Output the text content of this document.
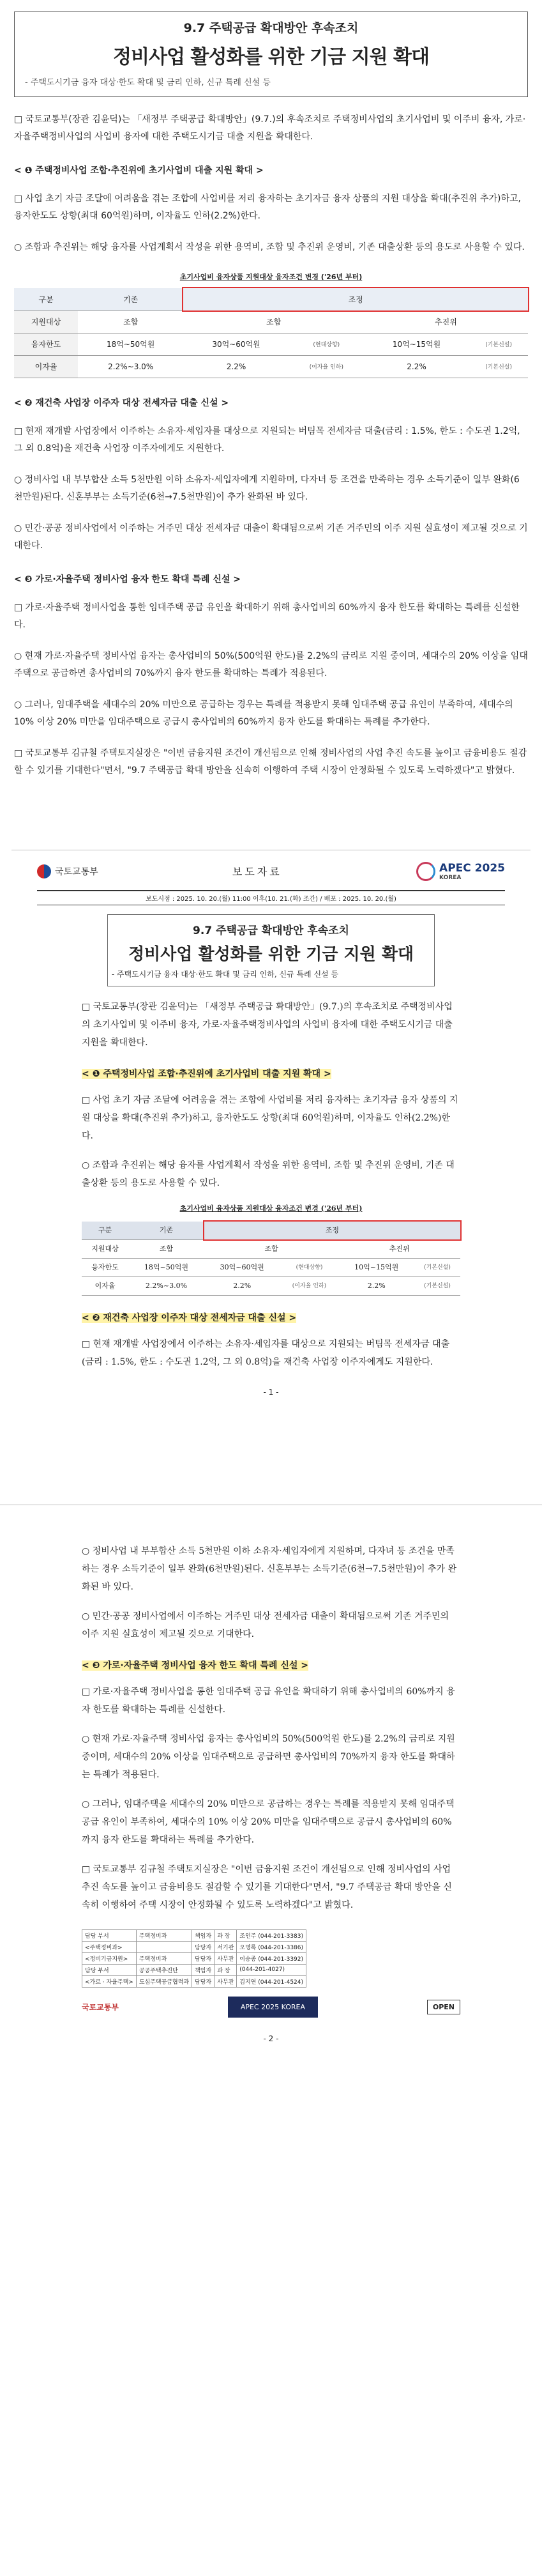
9.7 주택공급 확대방안 후속조치
정비사업 활성화를 위한 기금 지원 확대
- 주택도시기금 융자 대상·한도 확대 및 금리 인하, 신규 특례 신설 등

□ 국토교통부(장관 김윤덕)는 「새정부 주택공급 확대방안」(9.7.)의 후속조치로 주택정비사업의 초기사업비 및 이주비 융자, 가로·자율주택정비사업의 사업비 융자에 대한 주택도시기금 대출 지원을 확대한다.

< ❶ 주택정비사업 조합·추진위에 초기사업비 대출 지원 확대 >

□ 사업 초기 자금 조달에 어려움을 겪는 조합에 사업비를 저리 융자하는 초기자금 융자 상품의 지원 대상을 확대(추진위 추가)하고, 융자한도도 상향(최대 60억원)하며, 이자율도 인하(2.2%)한다.

○ 조합과 추진위는 해당 융자를 사업계획서 작성을 위한 용역비, 조합 및 추진위 운영비, 기존 대출상환 등의 용도로 사용할 수 있다.

초기사업비 융자상품 지원대상 융자조건 변경 ('26년 부터)

구분	기존	조정			
지원대상	조합	조합		추진위	
융자한도	18억~50억원	30억~60억원	(현대상향)	10억~15억원	(기본신설)
이자율	2.2%~3.0%	2.2%	(이자율 인하)	2.2%	(기본신설)

< ❷ 재건축 사업장 이주자 대상 전세자금 대출 신설 >

□ 현재 재개발 사업장에서 이주하는 소유자·세입자를 대상으로 지원되는 버팀목 전세자금 대출(금리 : 1.5%, 한도 : 수도권 1.2억, 그 외 0.8억)을 재건축 사업장 이주자에게도 지원한다.

○ 정비사업 내 부부합산 소득 5천만원 이하 소유자·세입자에게 지원하며, 다자녀 등 조건을 만족하는 경우 소득기준이 일부 완화(6천만원)된다. 신혼부부는 소득기준(6천→7.5천만원)이 추가 완화된 바 있다.

○ 민간·공공 정비사업에서 이주하는 거주민 대상 전세자금 대출이 확대됨으로써 기존 거주민의 이주 지원 실효성이 제고될 것으로 기대한다.

< ❸ 가로·자율주택 정비사업 융자 한도 확대 특례 신설 >

□ 가로·자율주택 정비사업을 통한 임대주택 공급 유인을 확대하기 위해 총사업비의 60%까지 융자 한도를 확대하는 특례를 신설한다.

○ 현재 가로·자율주택 정비사업 융자는 총사업비의 50%(500억원 한도)를 2.2%의 금리로 지원 중이며, 세대수의 20% 이상을 임대주택으로 공급하면 총사업비의 70%까지 융자 한도를 확대하는 특례가 적용된다.

○ 그러나, 임대주택을 세대수의 20% 미만으로 공급하는 경우는 특례를 적용받지 못해 임대주택 공급 유인이 부족하여, 세대수의 10% 이상 20% 미만을 임대주택으로 공급시 총사업비의 60%까지 융자 한도를 확대하는 특례를 추가한다.

□ 국토교통부 김규철 주택토지실장은 "이번 금융지원 조건이 개선됨으로 인해 정비사업의 사업 추진 속도를 높이고 금융비용도 절감할 수 있기를 기대한다"면서, "9.7 주택공급 확대 방안을 신속히 이행하여 주택 시장이 안정화될 수 있도록 노력하겠다"고 밝혔다.

국토교통부	보도자료	APEC 2025
KOREA
보도시점 : 2025. 10. 20.(월) 11:00 이후(10. 21.(화) 조간) / 배포 : 2025. 10. 20.(월)
9.7 주택공급 확대방안 후속조치
정비사업 활성화를 위한 기금 지원 확대
- 주택도시기금 융자 대상·한도 확대 및 금리 인하, 신규 특례 신설 등

□ 국토교통부(장관 김윤덕)는 「새정부 주택공급 확대방안」(9.7.)의 후속조치로 주택정비사업의 초기사업비 및 이주비 융자, 가로·자율주택정비사업의 사업비 융자에 대한 주택도시기금 대출 지원을 확대한다.

< ❶ 주택정비사업 조합·추진위에 초기사업비 대출 지원 확대 >

□ 사업 초기 자금 조달에 어려움을 겪는 조합에 사업비를 저리 융자하는 초기자금 융자 상품의 지원 대상을 확대(추진위 추가)하고, 융자한도도 상향(최대 60억원)하며, 이자율도 인하(2.2%)한다.

○ 조합과 추진위는 해당 융자를 사업계획서 작성을 위한 용역비, 조합 및 추진위 운영비, 기존 대출상환 등의 용도로 사용할 수 있다.

초기사업비 융자상품 지원대상 융자조건 변경 ('26년 부터)

구분	기존	조정			
지원대상	조합	조합		추진위	
융자한도	18억~50억원	30억~60억원	(현대상향)	10억~15억원	(기본신설)
이자율	2.2%~3.0%	2.2%	(이자율 인하)	2.2%	(기본신설)

< ❷ 재건축 사업장 이주자 대상 전세자금 대출 신설 >

□ 현재 재개발 사업장에서 이주하는 소유자·세입자를 대상으로 지원되는 버팀목 전세자금 대출(금리 : 1.5%, 한도 : 수도권 1.2억, 그 외 0.8억)을 재건축 사업장 이주자에게도 지원한다.

- 1 -

○ 정비사업 내 부부합산 소득 5천만원 이하 소유자·세입자에게 지원하며, 다자녀 등 조건을 만족하는 경우 소득기준이 일부 완화(6천만원)된다. 신혼부부는 소득기준(6천→7.5천만원)이 추가 완화된 바 있다.

○ 민간·공공 정비사업에서 이주하는 거주민 대상 전세자금 대출이 확대됨으로써 기존 거주민의 이주 지원 실효성이 제고될 것으로 기대한다.

< ❸ 가로·자율주택 정비사업 융자 한도 확대 특례 신설 >

□ 가로·자율주택 정비사업을 통한 임대주택 공급 유인을 확대하기 위해 총사업비의 60%까지 융자 한도를 확대하는 특례를 신설한다.

○ 현재 가로·자율주택 정비사업 융자는 총사업비의 50%(500억원 한도)를 2.2%의 금리로 지원 중이며, 세대수의 20% 이상을 임대주택으로 공급하면 총사업비의 70%까지 융자 한도를 확대하는 특례가 적용된다.

○ 그러나, 임대주택을 세대수의 20% 미만으로 공급하는 경우는 특례를 적용받지 못해 임대주택 공급 유인이 부족하여, 세대수의 10% 이상 20% 미만을 임대주택으로 공급시 총사업비의 60%까지 융자 한도를 확대하는 특례를 추가한다.

□ 국토교통부 김규철 주택토지실장은 "이번 금융지원 조건이 개선됨으로 인해 정비사업의 사업 추진 속도를 높이고 금융비용도 절감할 수 있기를 기대한다"면서, "9.7 주택공급 확대 방안을 신속히 이행하여 주택 시장이 안정화될 수 있도록 노력하겠다"고 밝혔다.

담당 부서	주택정비과	책임자	과 장	조인주 (044-201-3383)
<주택정비과>		담당자	서기관	오명록 (044-201-3386)
<정비기금지원>	주택정비과	담당자	사무관	이승종 (044-201-3392)
담당 부서	공공주택추진단	책임자	과 장	(044-201-4027)
<가로 · 자율주택>	도심주택공급협력과	담당자	사무관	김지연 (044-201-4524)
국토교통부	APEC 2025 KOREA	OPEN
- 2 -
